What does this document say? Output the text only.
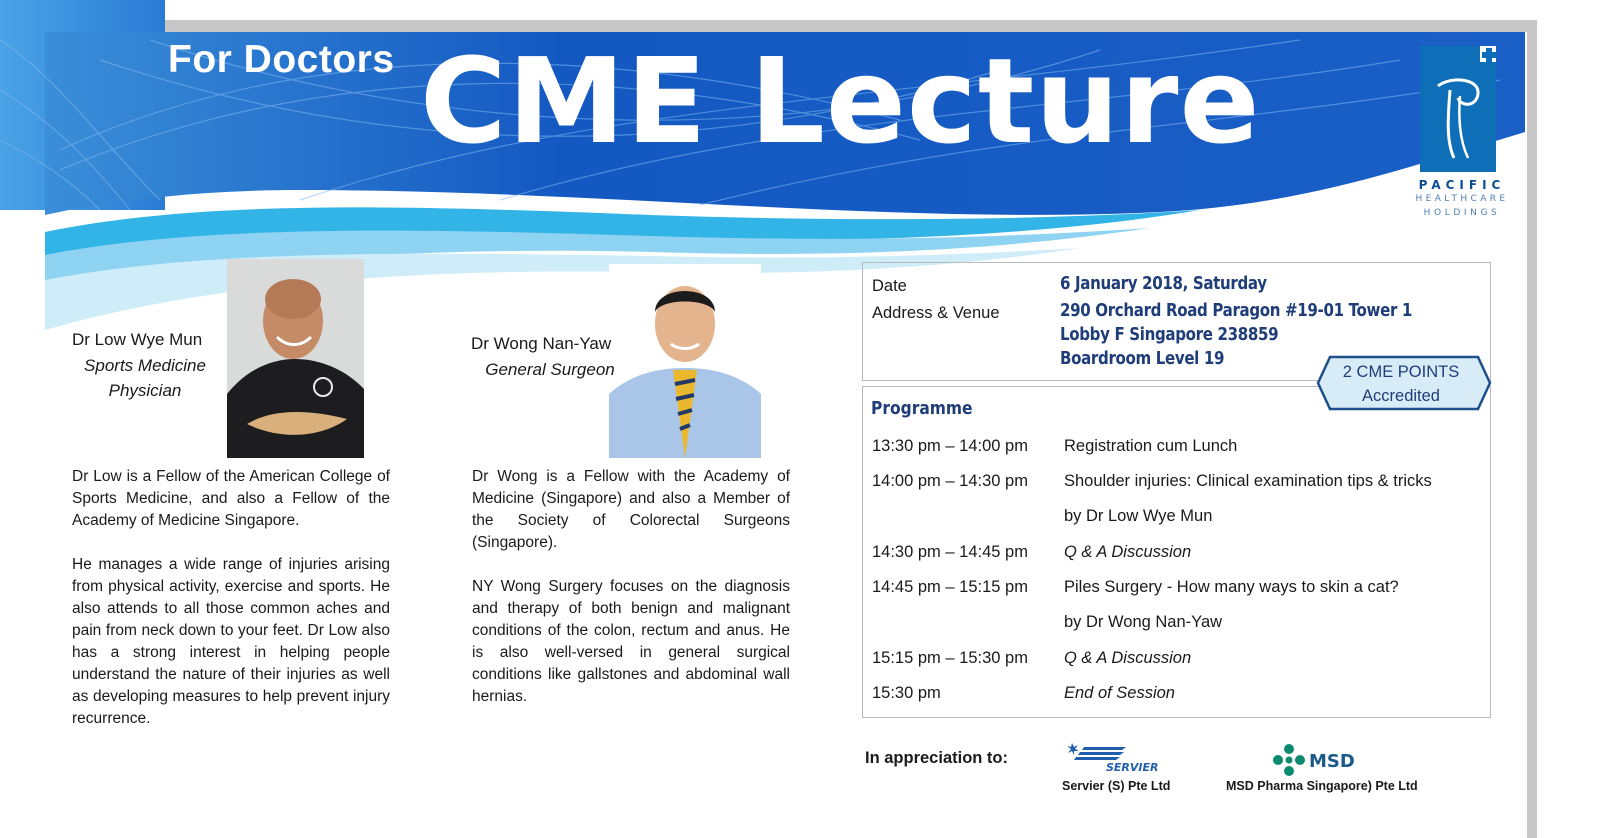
For Doctors CME Lecture
PACIFIC
HEALTHCARE
HOLDINGS
Dr Low Wye Mun
Sports Medicine
Physician

Dr Low is a Fellow of the American College of Sports Medicine, and also a Fellow of the Academy of Medicine Singapore.

He manages a wide range of injuries arising from physical activity, exercise and sports. He also attends to all those common aches and pain from neck down to your feet. Dr Low also has a strong interest in helping people understand the nature of their injuries as well as developing measures to help prevent injury recurrence.

Dr Wong Nan-Yaw
General Surgeon

Dr Wong is a Fellow with the Academy of Medicine (Singapore) and also a Member of the Society of Colorectal Surgeons (Singapore).

NY Wong Surgery focuses on the diagnosis and therapy of both benign and malignant conditions of the colon, rectum and anus. He is also well-versed in general surgical conditions like gallstones and abdominal wall hernias.

Date	6 January 2018, Saturday
Address & Venue	290 Orchard Road Paragon #19-01 Tower 1
Lobby F Singapore 238859
Boardroom Level 19
Programme
13:30 pm – 14:00 pm Registration cum Lunch
14:00 pm – 14:30 pm Shoulder injuries: Clinical examination tips & tricks
by Dr Low Wye Mun
14:30 pm – 14:45 pm Q & A Discussion
14:45 pm – 15:15 pm Piles Surgery - How many ways to skin a cat?
by Dr Wong Nan-Yaw
15:15 pm – 15:30 pm Q & A Discussion
15:30 pm	End of Session
2 CME POINTS
Accredited
In appreciation to:
SERVIER
Servier (S) Pte Ltd
MSD
MSD Pharma Singapore) Pte Ltd
